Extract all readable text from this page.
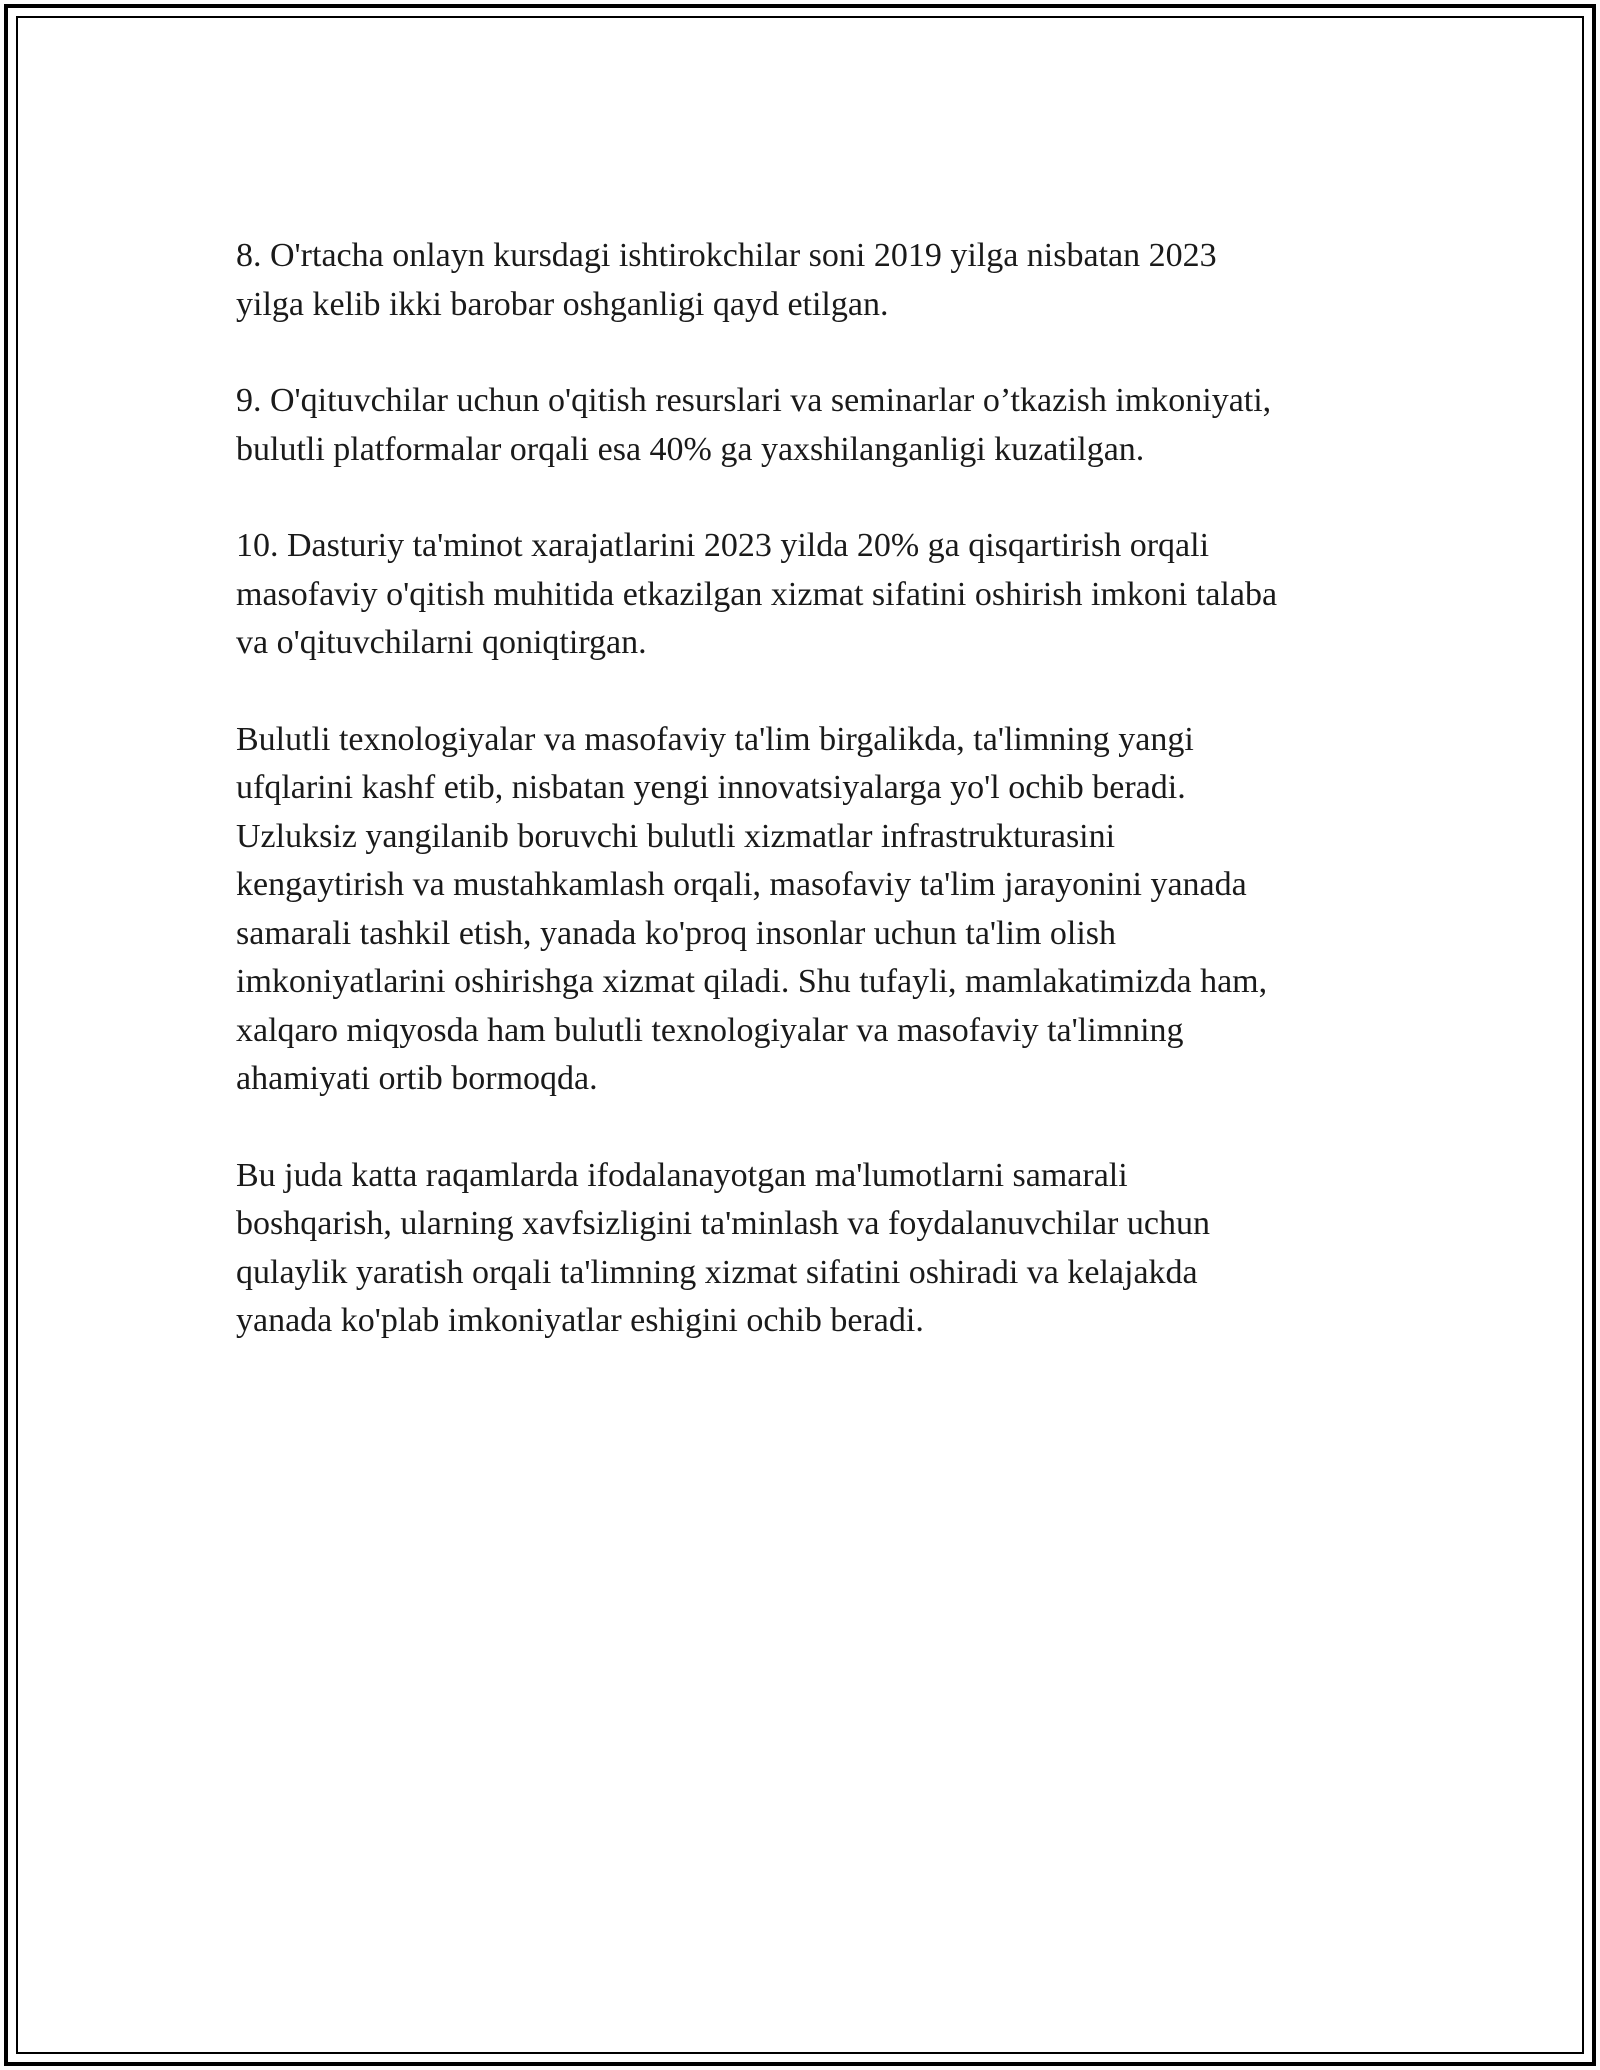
8. O'rtacha onlayn kursdagi ishtirokchilar soni 2019 yilga nisbatan 2023
yilga kelib ikki barobar oshganligi qayd etilgan.

9. O'qituvchilar uchun o'qitish resurslari va seminarlar o’tkazish imkoniyati,
bulutli platformalar orqali esa 40% ga yaxshilanganligi kuzatilgan.

10. Dasturiy ta'minot xarajatlarini 2023 yilda 20% ga qisqartirish orqali
masofaviy o'qitish muhitida etkazilgan xizmat sifatini oshirish imkoni talaba
va o'qituvchilarni qoniqtirgan.

Bulutli texnologiyalar va masofaviy ta'lim birgalikda, ta'limning yangi
ufqlarini kashf etib, nisbatan yengi innovatsiyalarga yo'l ochib beradi.
Uzluksiz yangilanib boruvchi bulutli xizmatlar infrastrukturasini
kengaytirish va mustahkamlash orqali, masofaviy ta'lim jarayonini yanada
samarali tashkil etish, yanada ko'proq insonlar uchun ta'lim olish
imkoniyatlarini oshirishga xizmat qiladi. Shu tufayli, mamlakatimizda ham,
xalqaro miqyosda ham bulutli texnologiyalar va masofaviy ta'limning
ahamiyati ortib bormoqda.

Bu juda katta raqamlarda ifodalanayotgan ma'lumotlarni samarali
boshqarish, ularning xavfsizligini ta'minlash va foydalanuvchilar uchun
qulaylik yaratish orqali ta'limning xizmat sifatini oshiradi va kelajakda
yanada ko'plab imkoniyatlar eshigini ochib beradi.
